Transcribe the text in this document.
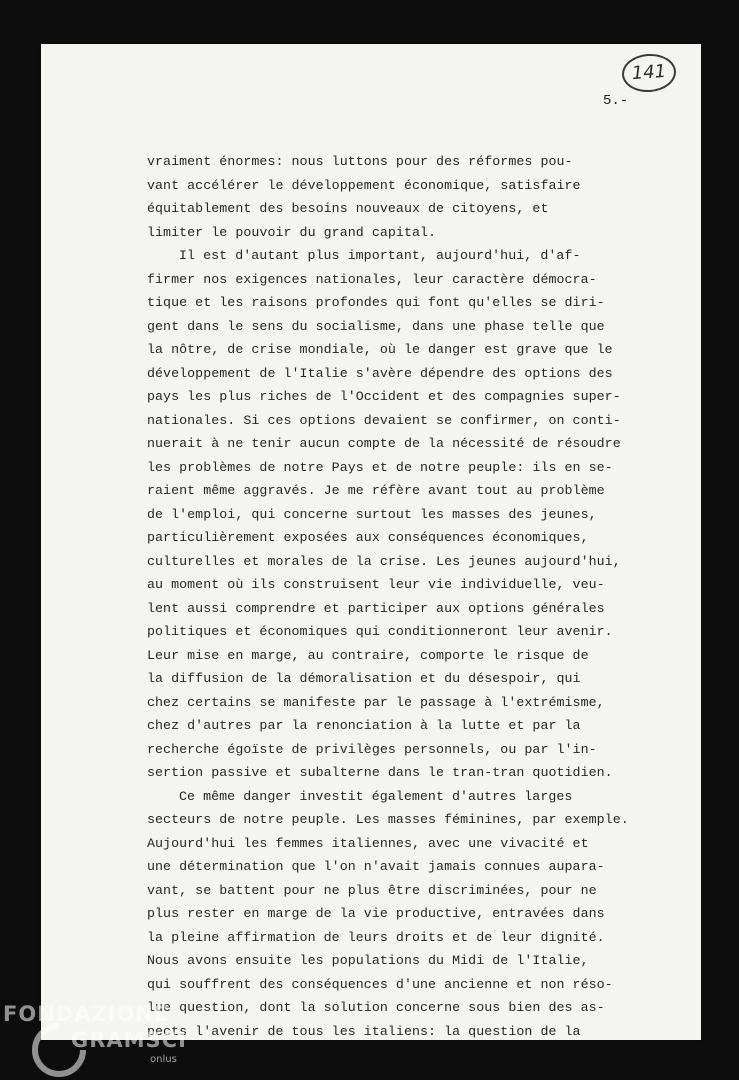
141
5.-
vraiment énormes: nous luttons pour des réformes pou-
vant accélérer le développement économique, satisfaire
équitablement des besoins nouveaux de citoyens, et
limiter le pouvoir du grand capital.
Il est d'autant plus important, aujourd'hui, d'af-
firmer nos exigences nationales, leur caractère démocra-
tique et les raisons profondes qui font qu'elles se diri-
gent dans le sens du socialisme, dans une phase telle que
la nôtre, de crise mondiale, où le danger est grave que le
développement de l'Italie s'avère dépendre des options des
pays les plus riches de l'Occident et des compagnies super-
nationales. Si ces options devaient se confirmer, on conti-
nuerait à ne tenir aucun compte de la nécessité de résoudre
les problèmes de notre Pays et de notre peuple: ils en se-
raient même aggravés. Je me réfère avant tout au problème
de l'emploi, qui concerne surtout les masses des jeunes,
particulièrement exposées aux conséquences économiques,
culturelles et morales de la crise. Les jeunes aujourd'hui,
au moment où ils construisent leur vie individuelle, veu-
lent aussi comprendre et participer aux options générales
politiques et économiques qui conditionneront leur avenir.
Leur mise en marge, au contraire, comporte le risque de
la diffusion de la démoralisation et du désespoir, qui
chez certains se manifeste par le passage à l'extrémisme,
chez d'autres par la renonciation à la lutte et par la
recherche égoïste de privilèges personnels, ou par l'in-
sertion passive et subalterne dans le tran-tran quotidien.
Ce même danger investit également d'autres larges
secteurs de notre peuple. Les masses féminines, par exemple.
Aujourd'hui les femmes italiennes, avec une vivacité et
une détermination que l'on n'avait jamais connues aupara-
vant, se battent pour ne plus être discriminées, pour ne
plus rester en marge de la vie productive, entravées dans
la pleine affirmation de leurs droits et de leur dignité.
Nous avons ensuite les populations du Midi de l'Italie,
qui souffrent des conséquences d'une ancienne et non réso-
lue question, dont la solution concerne sous bien des as-
pects l'avenir de tous les italiens: la question de la
FONDAZIONE
GRAMSCI
onlus
